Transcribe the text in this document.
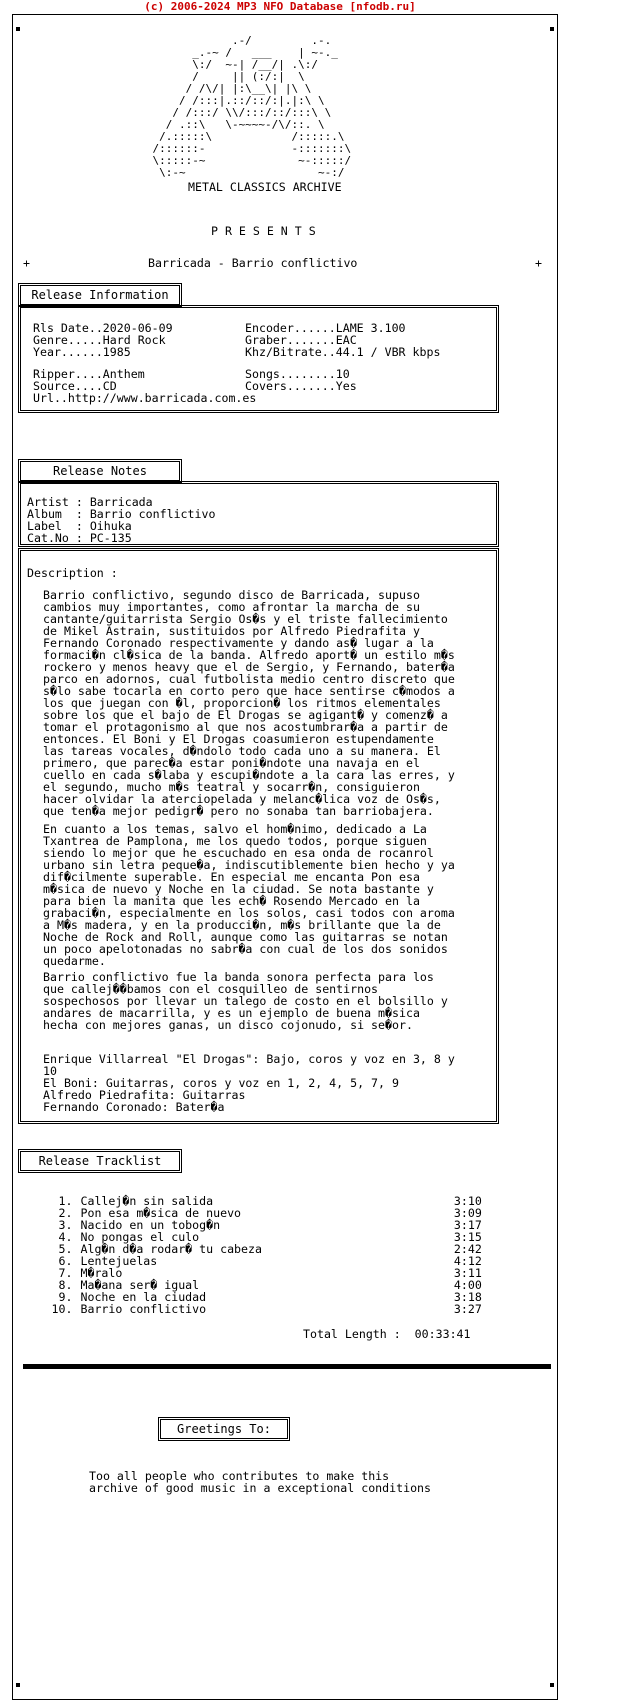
(c) 2006-2024 MP3 NFO Database [nfodb.ru]
.-/         .-.
_.-~ /   ___    | ~-._
\:/  ~-| /__/| .\:/
/     || (:/:|  \
/ /\/| |:\__\| |\ \
/ /:::|.::/::/:|.|:\ \
/ /:::/ \\/:::/::/:::\ \
/ .::\   \-~~~~-/\/::. \
/.:::::\            /:::::.\
/::::::-             -:::::::\
\:::::-~              ~-:::::/
\:-~                    ~-:/
METAL CLASSICS ARCHIVE
P R E S E N T S
+	Barricada - Barrio conflictivo	+
Release Information
Rls Date..2020-06-09
Genre.....Hard Rock
Year......1985
Encoder......LAME 3.100
Graber.......EAC
Khz/Bitrate..44.1 / VBR kbps
Ripper....Anthem
Source....CD
Url..http://www.barricada.com.es
Songs........10
Covers.......Yes
Release Notes
Artist : Barricada
Album  : Barrio conflictivo
Label  : Oihuka
Cat.No : PC-135
Description :
Barrio conflictivo, segundo disco de Barricada, supuso
cambios muy importantes, como afrontar la marcha de su
cantante/guitarrista Sergio Os�s y el triste fallecimiento
de Mikel Astrain, sustituidos por Alfredo Piedrafita y
Fernando Coronado respectivamente y dando as� lugar a la
formaci�n cl�sica de la banda. Alfredo aport� un estilo m�s
rockero y menos heavy que el de Sergio, y Fernando, bater�a
parco en adornos, cual futbolista medio centro discreto que
s�lo sabe tocarla en corto pero que hace sentirse c�modos a
los que juegan con �l, proporcion� los ritmos elementales
sobre los que el bajo de El Drogas se agigant� y comenz� a
tomar el protagonismo al que nos acostumbrar�a a partir de
entonces. El Boni y El Drogas coasumieron estupendamente
las tareas vocales, d�ndolo todo cada uno a su manera. El
primero, que parec�a estar poni�ndote una navaja en el
cuello en cada s�laba y escupi�ndote a la cara las erres, y
el segundo, mucho m�s teatral y socarr�n, consiguieron
hacer olvidar la aterciopelada y melanc�lica voz de Os�s,
que ten�a mejor pedigr� pero no sonaba tan barriobajera.
En cuanto a los temas, salvo el hom�nimo, dedicado a La
Txantrea de Pamplona, me los quedo todos, porque siguen
siendo lo mejor que he escuchado en esa onda de rocanrol
urbano sin letra peque�a, indiscutiblemente bien hecho y ya
dif�cilmente superable. En especial me encanta Pon esa
m�sica de nuevo y Noche en la ciudad. Se nota bastante y
para bien la manita que les ech� Rosendo Mercado en la
grabaci�n, especialmente en los solos, casi todos con aroma
a M�s madera, y en la producci�n, m�s brillante que la de
Noche de Rock and Roll, aunque como las guitarras se notan
un poco apelotonadas no sabr�a con cual de los dos sonidos
quedarme.
Barrio conflictivo fue la banda sonora perfecta para los
que callej��bamos con el cosquilleo de sentirnos
sospechosos por llevar un talego de costo en el bolsillo y
andares de macarrilla, y es un ejemplo de buena m�sica
hecha con mejores ganas, un disco cojonudo, si se�or.
Enrique Villarreal "El Drogas": Bajo, coros y voz en 3, 8 y
10
El Boni: Guitarras, coros y voz en 1, 2, 4, 5, 7, 9
Alfredo Piedrafita: Guitarras
Fernando Coronado: Bater�a
Release Tracklist
1. Callej�n sin salida	3:10
2. Pon esa m�sica de nuevo	3:09
3. Nacido en un tobog�n	3:17
4. No pongas el culo	3:15
5. Alg�n d�a rodar� tu cabeza	2:42
6. Lentejuelas	4:12
7. M�ralo	3:11
8. Ma�ana ser� igual	4:00
9. Noche en la ciudad	3:18
10. Barrio conflictivo	3:27
Total Length :  00:33:41
Greetings To:
Too all people who contributes to make this
archive of good music in a exceptional conditions
